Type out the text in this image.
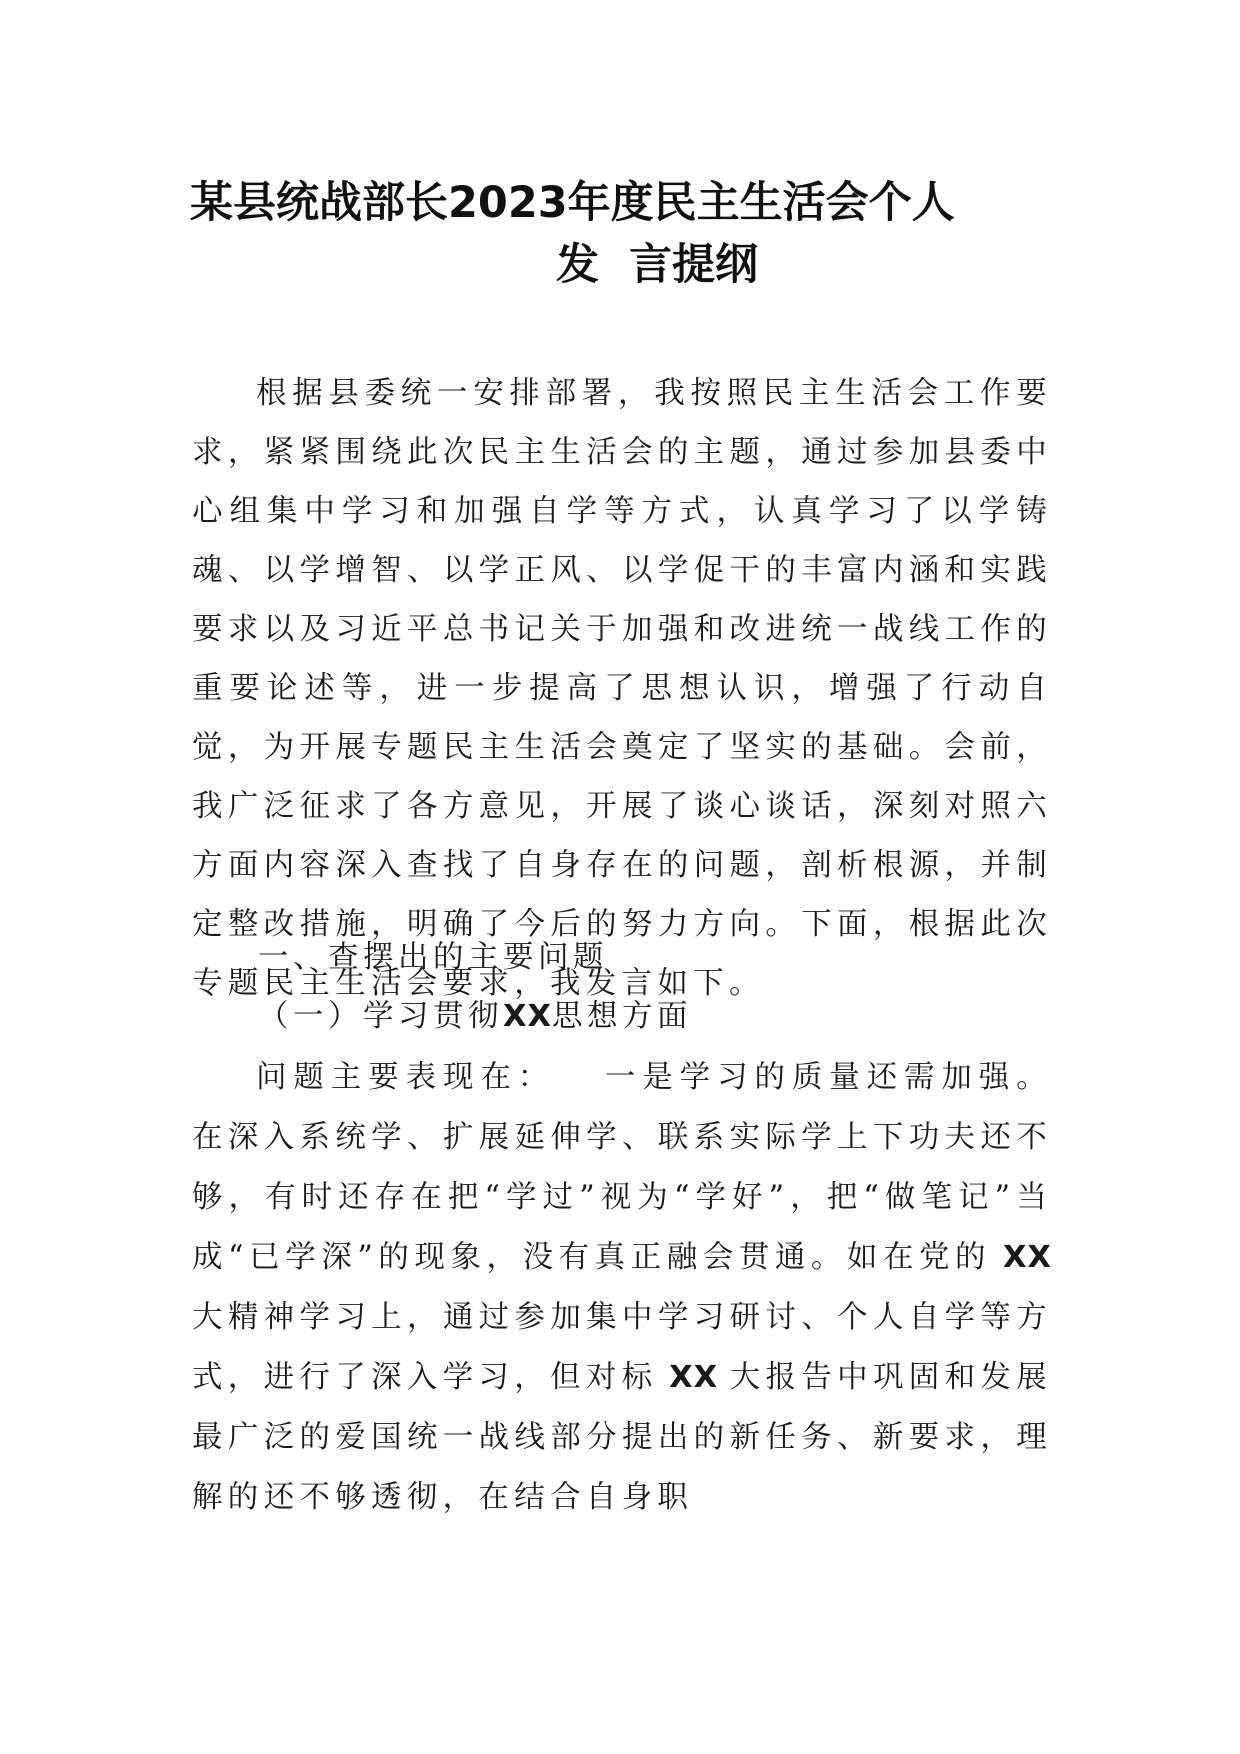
某县统战部长2023年度民主生活会个人
发  言提纲

根据县委统一安排部署，我按照民主生活会工作要求，紧紧围绕此次民主生活会的主题，通过参加县委中心组集中学习和加强自学等方式，认真学习了以学铸魂、以学增智、以学正风、以学促干的丰富内涵和实践要求以及习近平总书记关于加强和改进统一战线工作的重要论述等，进一步提高了思想认识，增强了行动自觉，为开展专题民主生活会奠定了坚实的基础。会前，我广泛征求了各方意见，开展了谈心谈话，深刻对照六方面内容深入查找了自身存在的问题，剖析根源，并制定整改措施，明确了今后的努力方向。下面，根据此次专题民主生活会要求，我发言如下。

一、查摆出的主要问题

（一）学习贯彻XX思想方面

问题主要表现在：   一是学习的质量还需加强。在深入系统学、扩展延伸学、联系实际学上下功夫还不够，有时还存在把“学过”视为“学好”，把“做笔记”当成“已学深”的现象，没有真正融会贯通。如在党的 XX 大精神学习上，通过参加集中学习研讨、个人自学等方式，进行了深入学习，但对标 XX 大报告中巩固和发展最广泛的爱国统一战线部分提出的新任务、新要求，理解的还不够透彻，在结合自身职
